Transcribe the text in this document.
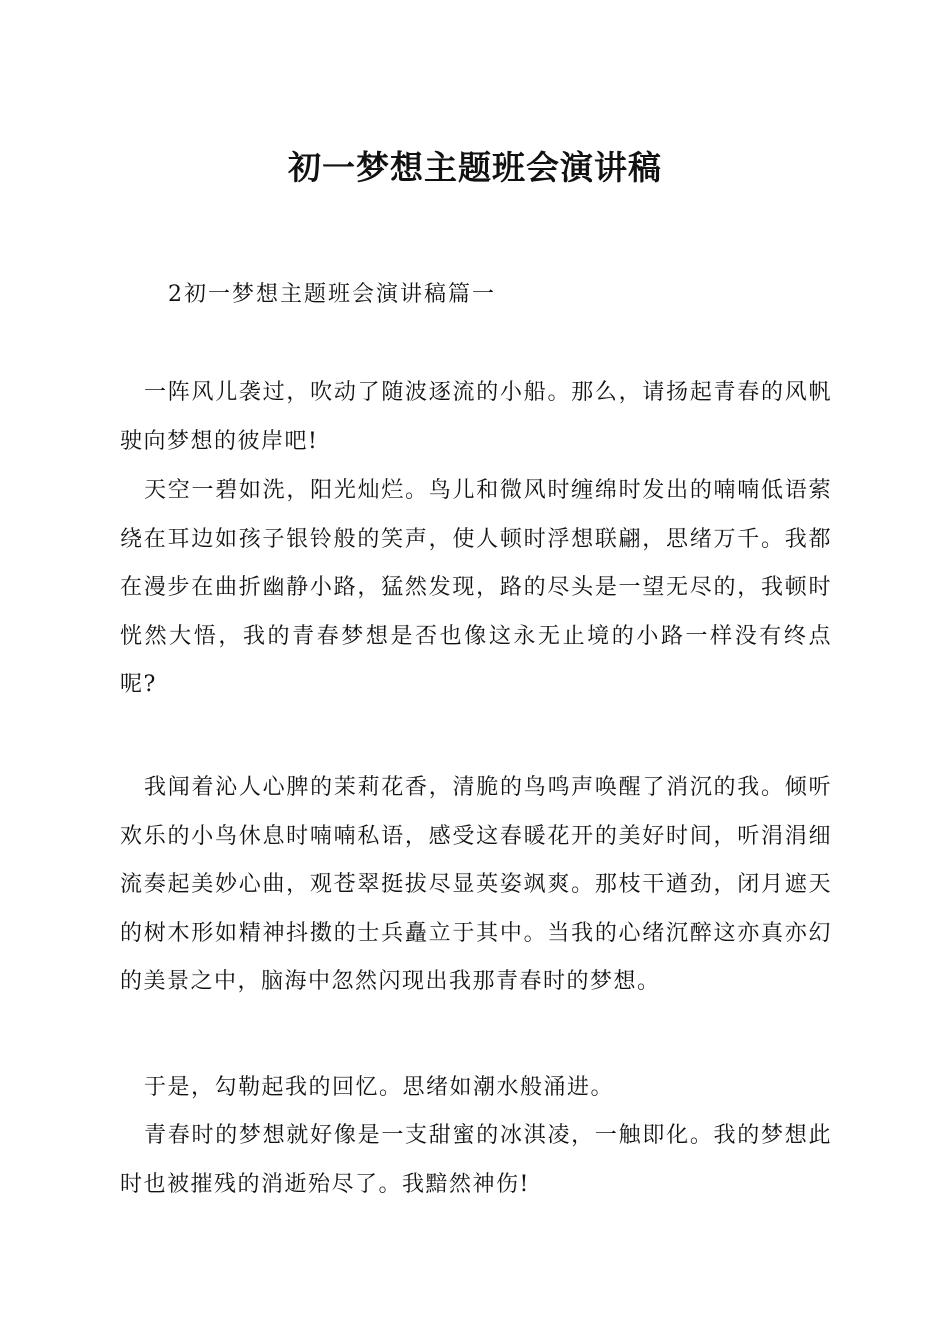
初一梦想主题班会演讲稿
2初一梦想主题班会演讲稿篇一

一阵风儿袭过，吹动了随波逐流的小船。那么，请扬起青春的风帆驶向梦想的彼岸吧!

天空一碧如洗，阳光灿烂。鸟儿和微风时缠绵时发出的喃喃低语萦绕在耳边如孩子银铃般的笑声，使人顿时浮想联翩，思绪万千。我都在漫步在曲折幽静小路，猛然发现，路的尽头是一望无尽的，我顿时恍然大悟，我的青春梦想是否也像这永无止境的小路一样没有终点呢?

我闻着沁人心脾的茉莉花香，清脆的鸟鸣声唤醒了消沉的我。倾听欢乐的小鸟休息时喃喃私语，感受这春暖花开的美好时间，听涓涓细流奏起美妙心曲，观苍翠挺拔尽显英姿飒爽。那枝干遒劲，闭月遮天的树木形如精神抖擞的士兵矗立于其中。当我的心绪沉醉这亦真亦幻的美景之中，脑海中忽然闪现出我那青春时的梦想。

于是，勾勒起我的回忆。思绪如潮水般涌进。

青春时的梦想就好像是一支甜蜜的冰淇凌，一触即化。我的梦想此时也被摧残的消逝殆尽了。我黯然神伤!
